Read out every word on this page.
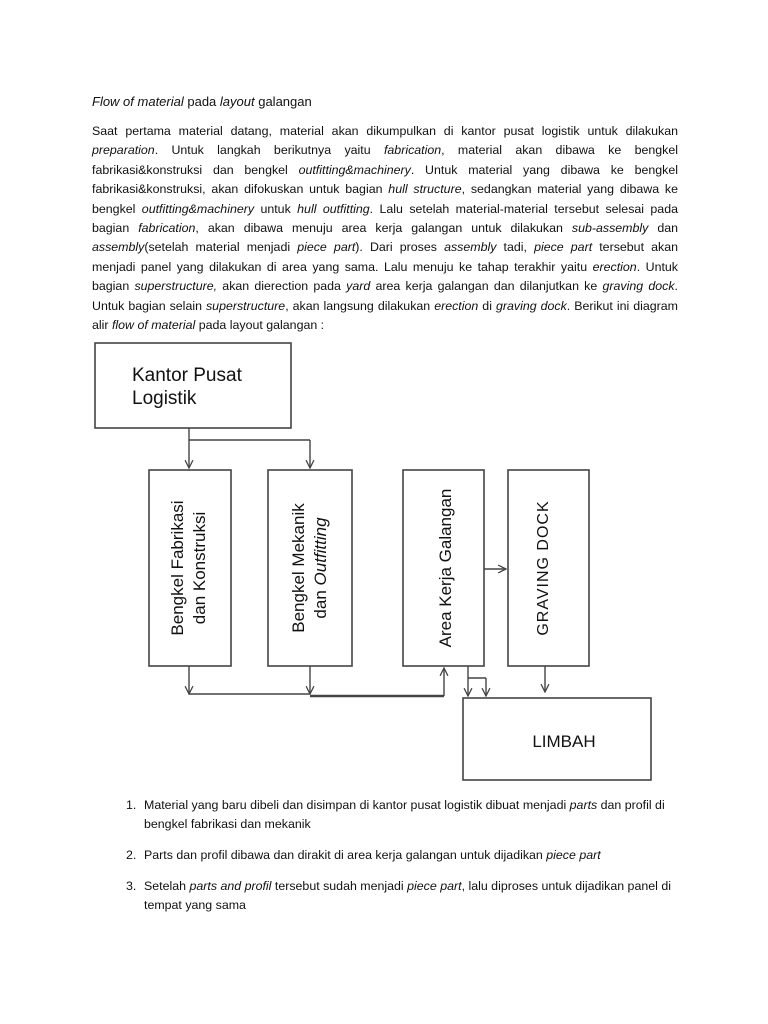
Flow of material pada layout galangan
Saat pertama material datang, material akan dikumpulkan di kantor pusat logistik untuk dilakukan preparation. Untuk langkah berikutnya yaitu fabrication, material akan dibawa ke bengkel fabrikasi&konstruksi dan bengkel outfitting&machinery. Untuk material yang dibawa ke bengkel fabrikasi&konstruksi, akan difokuskan untuk bagian hull structure, sedangkan material yang dibawa ke bengkel outfitting&machinery untuk hull outfitting. Lalu setelah material-material tersebut selesai pada bagian fabrication, akan dibawa menuju area kerja galangan untuk dilakukan sub-assembly dan assembly(setelah material menjadi piece part). Dari proses assembly tadi, piece part tersebut akan menjadi panel yang dilakukan di area yang sama. Lalu menuju ke tahap terakhir yaitu erection. Untuk bagian superstructure, akan dierection pada yard area kerja galangan dan dilanjutkan ke graving dock. Untuk bagian selain superstructure, akan langsung dilakukan erection di graving dock. Berikut ini diagram alir flow of material pada layout galangan :
Kantor Pusat
Logistik
Bengkel Fabrikasi dan Konstruksi	Bengkel Mekanik dan Outfitting	Area Kerja Galangan	GRAVING DOCK
LIMBAH
1. Material yang baru dibeli dan disimpan di kantor pusat logistik dibuat menjadi parts dan profil di bengkel fabrikasi dan mekanik
2. Parts dan profil dibawa dan dirakit di area kerja galangan untuk dijadikan piece part
3. Setelah parts and profil tersebut sudah menjadi piece part, lalu diproses untuk dijadikan panel di tempat yang sama
